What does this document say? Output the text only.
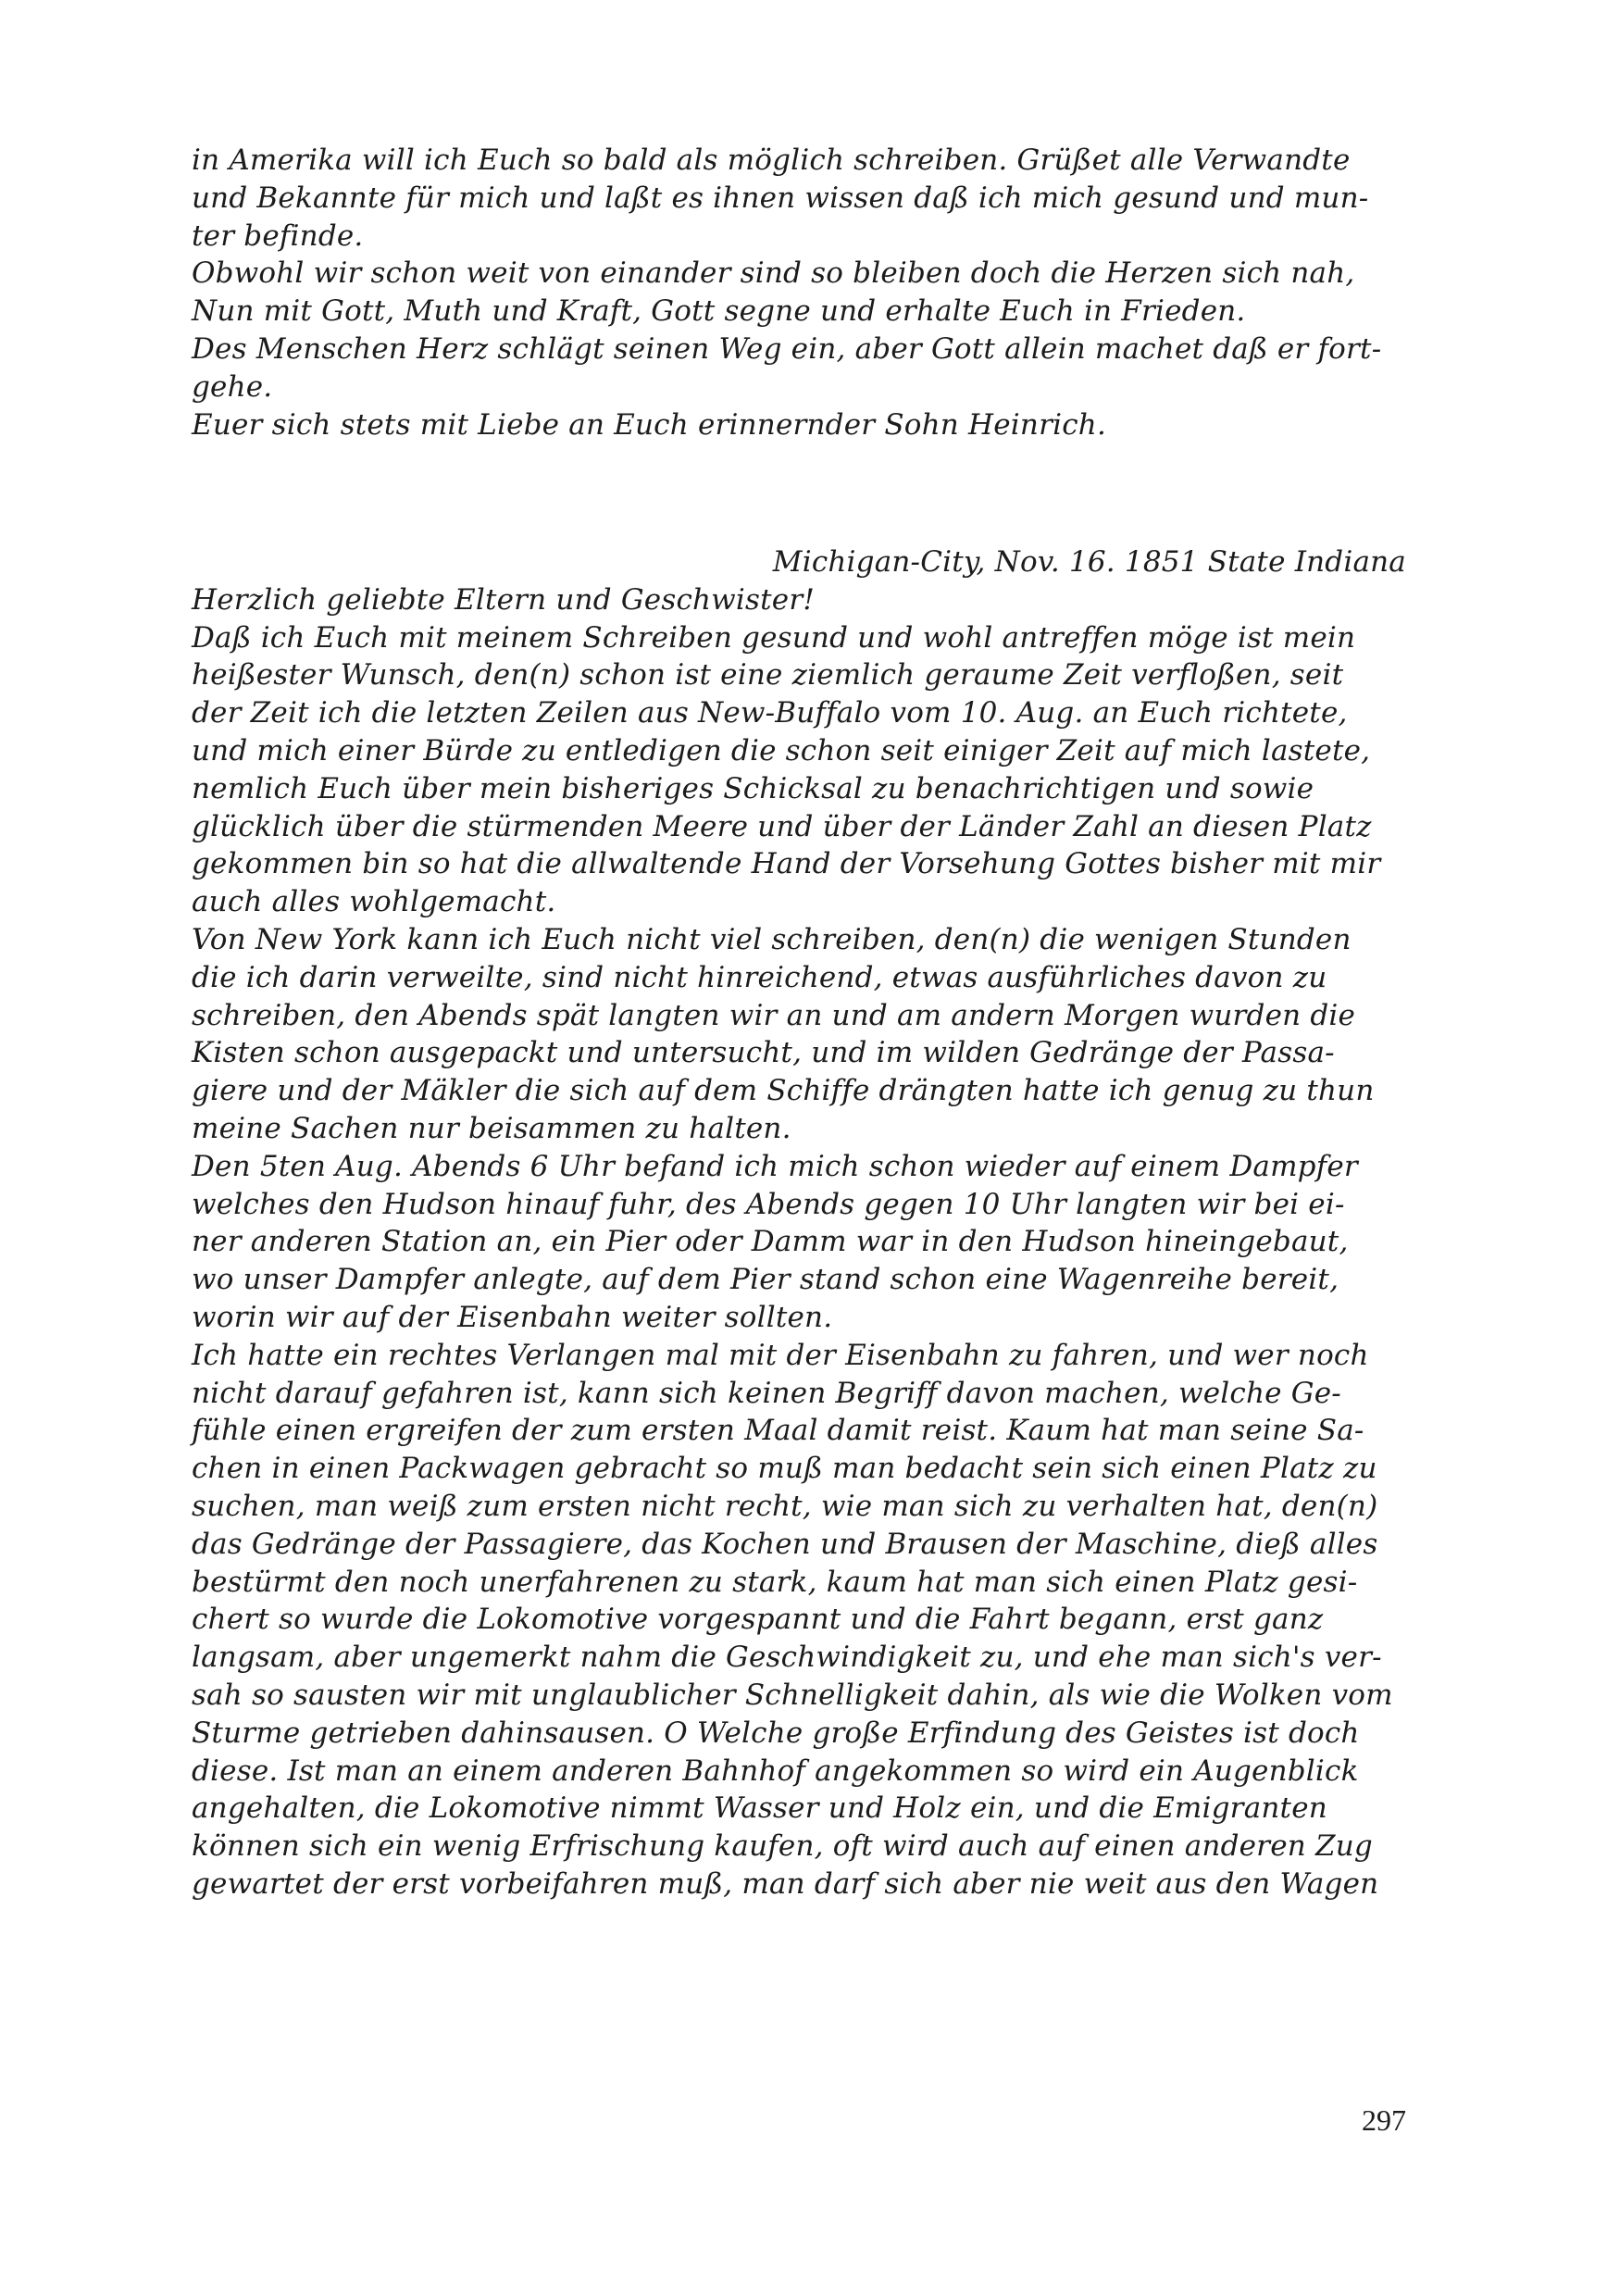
in Amerika will ich Euch so bald als möglich schreiben. Grüßet alle Verwandte

und Bekannte für mich und laßt es ihnen wissen daß ich mich gesund und mun-

ter befinde.

Obwohl wir schon weit von einander sind so bleiben doch die Herzen sich nah,

Nun mit Gott, Muth und Kraft, Gott segne und erhalte Euch in Frieden.

Des Menschen Herz schlägt seinen Weg ein, aber Gott allein machet daß er fort-

gehe.

Euer sich stets mit Liebe an Euch erinnernder Sohn Heinrich.

Michigan-City, Nov. 16. 1851 State Indiana

Herzlich geliebte Eltern und Geschwister!

Daß ich Euch mit meinem Schreiben gesund und wohl antreffen möge ist mein

heißester Wunsch, den(n) schon ist eine ziemlich geraume Zeit verfloßen, seit

der Zeit ich die letzten Zeilen aus New-Buffalo vom 10. Aug. an Euch richtete,

und mich einer Bürde zu entledigen die schon seit einiger Zeit auf mich lastete,

nemlich Euch über mein bisheriges Schicksal zu benachrichtigen und sowie

glücklich über die stürmenden Meere und über der Länder Zahl an diesen Platz

gekommen bin so hat die allwaltende Hand der Vorsehung Gottes bisher mit mir

auch alles wohlgemacht.

Von New York kann ich Euch nicht viel schreiben, den(n) die wenigen Stunden

die ich darin verweilte, sind nicht hinreichend, etwas ausführliches davon zu

schreiben, den Abends spät langten wir an und am andern Morgen wurden die

Kisten schon ausgepackt und untersucht, und im wilden Gedränge der Passa-

giere und der Mäkler die sich auf dem Schiffe drängten hatte ich genug zu thun

meine Sachen nur beisammen zu halten.

Den 5ten Aug. Abends 6 Uhr befand ich mich schon wieder auf einem Dampfer

welches den Hudson hinauf fuhr, des Abends gegen 10 Uhr langten wir bei ei-

ner anderen Station an, ein Pier oder Damm war in den Hudson hineingebaut,

wo unser Dampfer anlegte, auf dem Pier stand schon eine Wagenreihe bereit,

worin wir auf der Eisenbahn weiter sollten.

Ich hatte ein rechtes Verlangen mal mit der Eisenbahn zu fahren, und wer noch

nicht darauf gefahren ist, kann sich keinen Begriff davon machen, welche Ge-

fühle einen ergreifen der zum ersten Maal damit reist. Kaum hat man seine Sa-

chen in einen Packwagen gebracht so muß man bedacht sein sich einen Platz zu

suchen, man weiß zum ersten nicht recht, wie man sich zu verhalten hat, den(n)

das Gedränge der Passagiere, das Kochen und Brausen der Maschine, dieß alles

bestürmt den noch unerfahrenen zu stark, kaum hat man sich einen Platz gesi-

chert so wurde die Lokomotive vorgespannt und die Fahrt begann, erst ganz

langsam, aber ungemerkt nahm die Geschwindigkeit zu, und ehe man sich's ver-

sah so sausten wir mit unglaublicher Schnelligkeit dahin, als wie die Wolken vom

Sturme getrieben dahinsausen. O Welche große Erfindung des Geistes ist doch

diese. Ist man an einem anderen Bahnhof angekommen so wird ein Augenblick

angehalten, die Lokomotive nimmt Wasser und Holz ein, und die Emigranten

können sich ein wenig Erfrischung kaufen, oft wird auch auf einen anderen Zug

gewartet der erst vorbeifahren muß, man darf sich aber nie weit aus den Wagen

297
